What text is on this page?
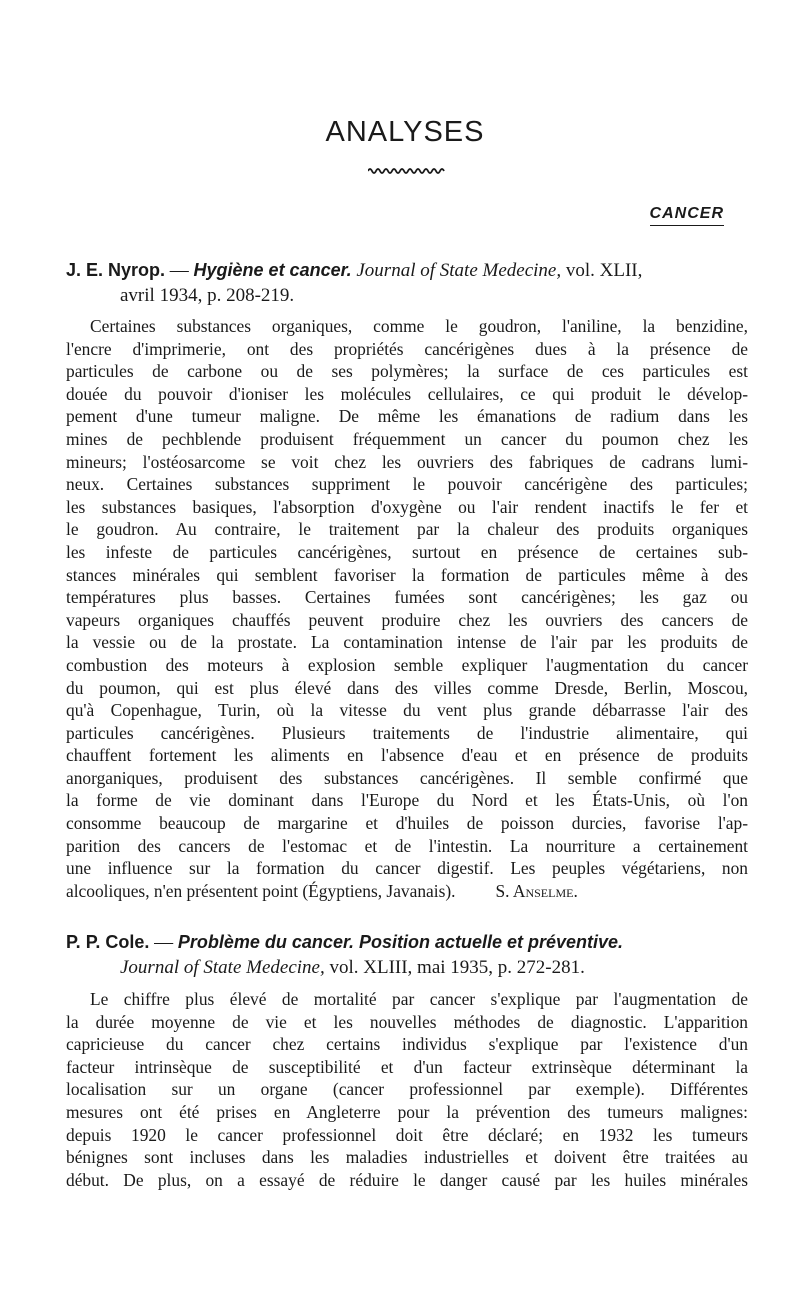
ANALYSES
CANCER
J. E. Nyrop. — Hygiène et cancer. Journal of State Medecine, vol. XLII,
avril 1934, p. 208-219.
Certaines substances organiques, comme le goudron, l'aniline, la benzidine,
l'encre d'imprimerie, ont des propriétés cancérigènes dues à la présence de
particules de carbone ou de ses polymères; la surface de ces particules est
douée du pouvoir d'ioniser les molécules cellulaires, ce qui produit le dévelop-
pement d'une tumeur maligne. De même les émanations de radium dans les
mines de pechblende produisent fréquemment un cancer du poumon chez les
mineurs; l'ostéosarcome se voit chez les ouvriers des fabriques de cadrans lumi-
neux. Certaines substances suppriment le pouvoir cancérigène des particules;
les substances basiques, l'absorption d'oxygène ou l'air rendent inactifs le fer et
le goudron. Au contraire, le traitement par la chaleur des produits organiques
les infeste de particules cancérigènes, surtout en présence de certaines sub-
stances minérales qui semblent favoriser la formation de particules même à des
températures plus basses. Certaines fumées sont cancérigènes; les gaz ou
vapeurs organiques chauffés peuvent produire chez les ouvriers des cancers de
la vessie ou de la prostate. La contamination intense de l'air par les produits de
combustion des moteurs à explosion semble expliquer l'augmentation du cancer
du poumon, qui est plus élevé dans des villes comme Dresde, Berlin, Moscou,
qu'à Copenhague, Turin, où la vitesse du vent plus grande débarrasse l'air des
particules cancérigènes. Plusieurs traitements de l'industrie alimentaire, qui
chauffent fortement les aliments en l'absence d'eau et en présence de produits
anorganiques, produisent des substances cancérigènes. Il semble confirmé que
la forme de vie dominant dans l'Europe du Nord et les États-Unis, où l'on
consomme beaucoup de margarine et d'huiles de poisson durcies, favorise l'ap-
parition des cancers de l'estomac et de l'intestin. La nourriture a certainement
une influence sur la formation du cancer digestif. Les peuples végétariens, non
alcooliques, n'en présentent point (Égyptiens, Javanais). S. Anselme.
P. P. Cole. — Problème du cancer. Position actuelle et préventive.
Journal of State Medecine, vol. XLIII, mai 1935, p. 272-281.
Le chiffre plus élevé de mortalité par cancer s'explique par l'augmentation de
la durée moyenne de vie et les nouvelles méthodes de diagnostic. L'apparition
capricieuse du cancer chez certains individus s'explique par l'existence d'un
facteur intrinsèque de susceptibilité et d'un facteur extrinsèque déterminant la
localisation sur un organe (cancer professionnel par exemple). Différentes
mesures ont été prises en Angleterre pour la prévention des tumeurs malignes:
depuis 1920 le cancer professionnel doit être déclaré; en 1932 les tumeurs
bénignes sont incluses dans les maladies industrielles et doivent être traitées au
début. De plus, on a essayé de réduire le danger causé par les huiles minérales
